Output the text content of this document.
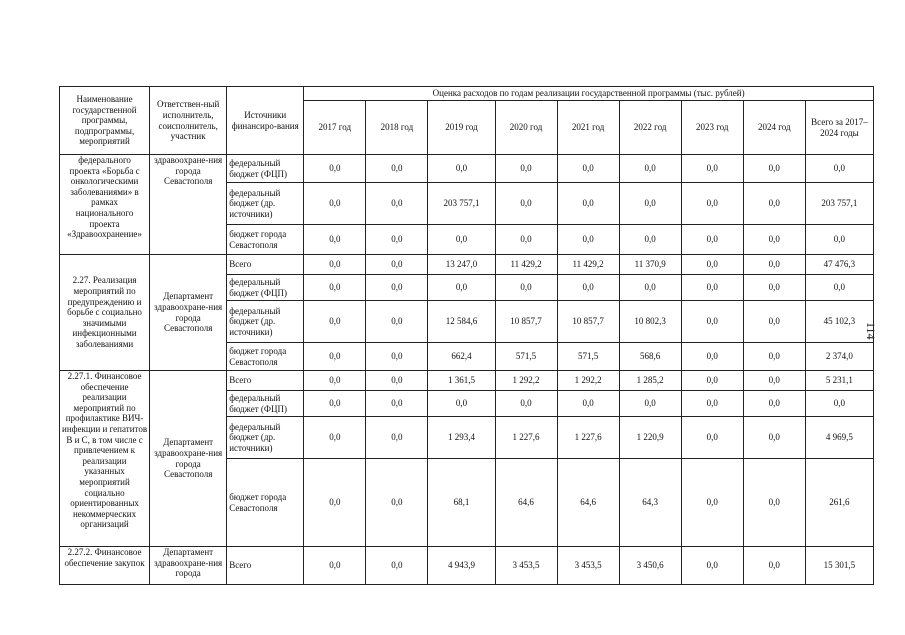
114
Наименование государственной программы, подпрограммы, мероприятий	Ответствен-ный исполнитель, соисполнитель, участник	Источники финансиро-вания	Оценка расходов по годам реализации государственной программы (тыс. рублей)								
			2017 год	2018 год	2019 год	2020 год	2021 год	2022 год	2023 год	2024 год	Всего за 2017–2024 годы
федерального проекта «Борьба с онкологическими заболеваниями» в рамках национального проекта «Здравоохранение»	здравоохране-ния города Севастополя	федеральный бюджет (ФЦП)	0,0	0,0	0,0	0,0	0,0	0,0	0,0	0,0	0,0
		федеральный бюджет (др. источники)	0,0	0,0	203 757,1	0,0	0,0	0,0	0,0	0,0	203 757,1
		бюджет города Севастополя	0,0	0,0	0,0	0,0	0,0	0,0	0,0	0,0	0,0
2.27. Реализация мероприятий по предупреждению и борьбе с социально значимыми инфекционными заболеваниями	Департамент здравоохране-ния города Севастополя	Всего	0,0	0,0	13 247,0	11 429,2	11 429,2	11 370,9	0,0	0,0	47 476,3
		федеральный бюджет (ФЦП)	0,0	0,0	0,0	0,0	0,0	0,0	0,0	0,0	0,0
		федеральный бюджет (др. источники)	0,0	0,0	12 584,6	10 857,7	10 857,7	10 802,3	0,0	0,0	45 102,3
		бюджет города Севастополя	0,0	0,0	662,4	571,5	571,5	568,6	0,0	0,0	2 374,0
2.27.1. Финансовое обеспечение реализации мероприятий по профилактике ВИЧ-инфекции и гепатитов B и C, в том числе с привлечением к реализации указанных мероприятий социально ориентированных некоммерческих организаций	Департамент здравоохране-ния города Севастополя	Всего	0,0	0,0	1 361,5	1 292,2	1 292,2	1 285,2	0,0	0,0	5 231,1
		федеральный бюджет (ФЦП)	0,0	0,0	0,0	0,0	0,0	0,0	0,0	0,0	0,0
		федеральный бюджет (др. источники)	0,0	0,0	1 293,4	1 227,6	1 227,6	1 220,9	0,0	0,0	4 969,5
		бюджет города Севастополя	0,0	0,0	68,1	64,6	64,6	64,3	0,0	0,0	261,6
2.27.2. Финансовое обеспечение закупок	Департамент здравоохране-ния города	Всего	0,0	0,0	4 943,9	3 453,5	3 453,5	3 450,6	0,0	0,0	15 301,5
